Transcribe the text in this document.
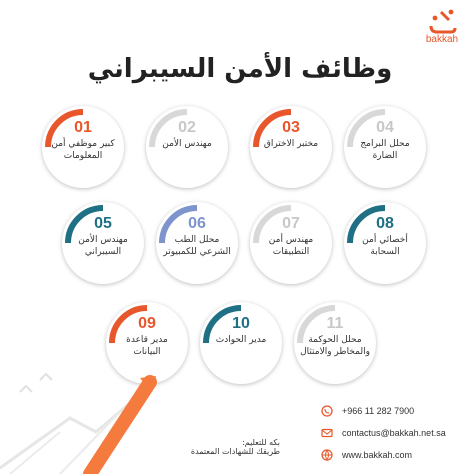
bakkah
وظائف الأمن السيبراني
01
كبير موظفي أمن المعلومات
02
مهندس الأمن
03
مختبر الاختراق
04
محلل البرامج الضارة
05
مهندس الأمن السيبراني
06
محلل الطب الشرعي للكمبيوتر
07
مهندس أمن التطبيقات
08
أخصائي أمن السحابة
09
مدير قاعدة البيانات
10
مدير الحوادث
11
محلل الحوكمة والمخاطر والامتثال
بكه للتعليم:
طريقك للشهادات المعتمدة
+966 11 282 7900
contactus@bakkah.net.sa
www.bakkah.com
